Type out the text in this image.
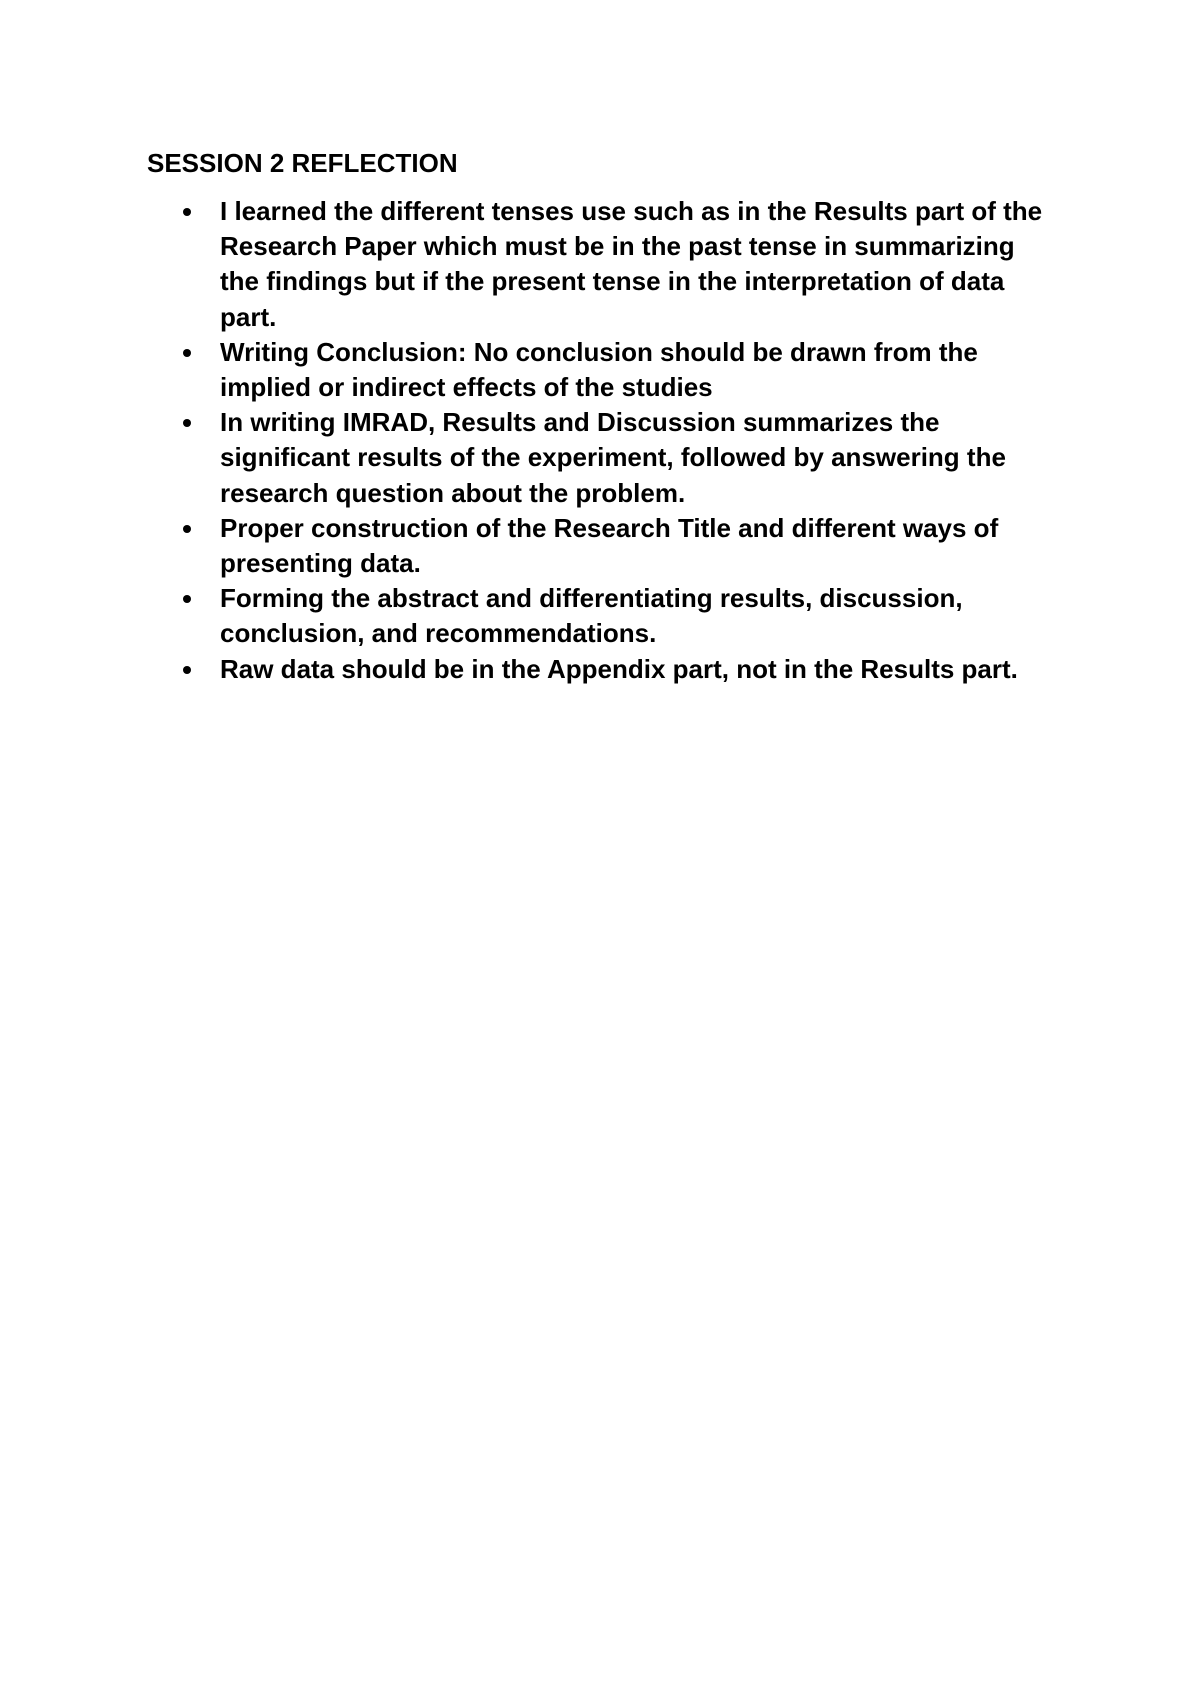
SESSION 2 REFLECTION
I learned the different tenses use such as in the Results part of the Research Paper which must be in the past tense in summarizing the findings but if the present tense in the interpretation of data part.
Writing Conclusion: No conclusion should be drawn from the implied or indirect effects of the studies
In writing IMRAD, Results and Discussion summarizes the significant results of the experiment, followed by answering the research question about the problem.
Proper construction of the Research Title and different ways of presenting data.
Forming the abstract and differentiating results, discussion, conclusion, and recommendations.
Raw data should be in the Appendix part, not in the Results part.
